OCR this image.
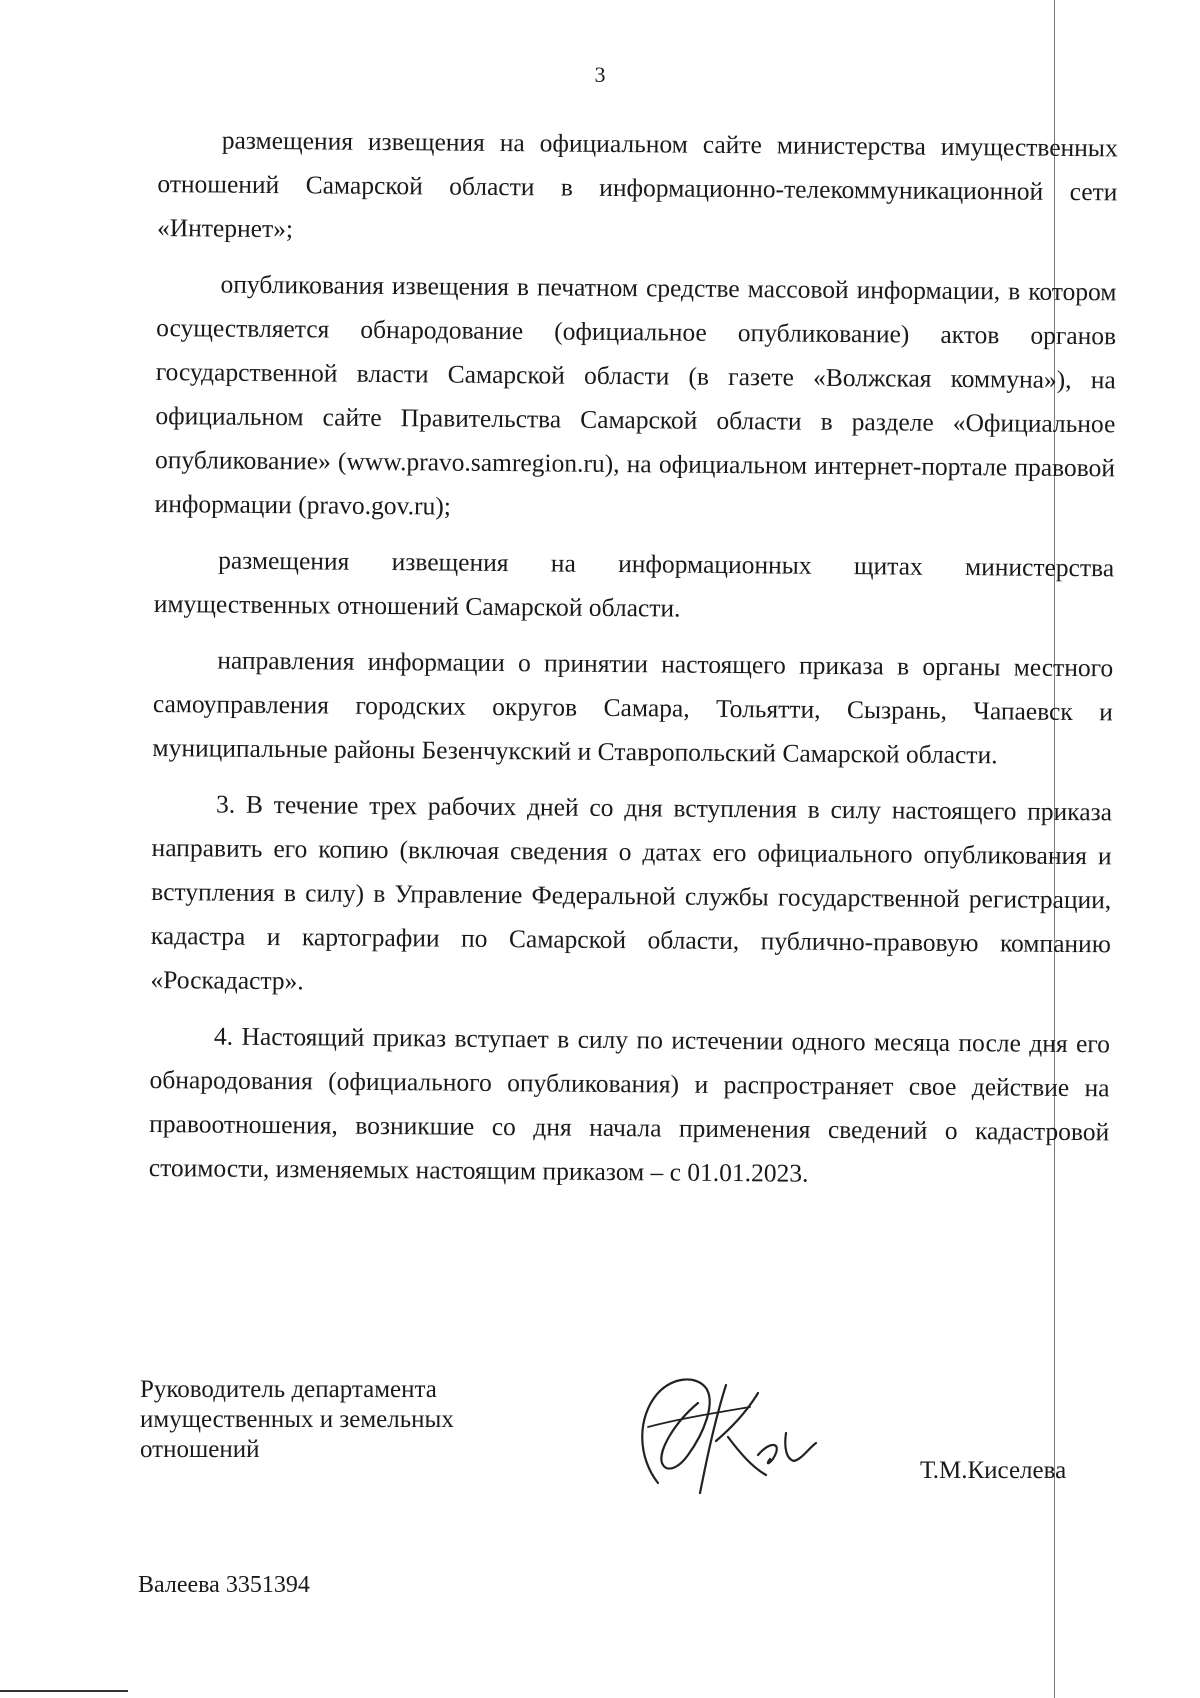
3

размещения извещения на официальном сайте министерства имущественных отношений Самарской области в информационно-телекоммуникационной сети «Интернет»;

опубликования извещения в печатном средстве массовой информации, в котором осуществляется обнародование (официальное опубликование) актов органов государственной власти Самарской области (в газете «Волжская коммуна»), на официальном сайте Правительства Самарской области в разделе «Официальное опубликование» (www.pravo.samregion.ru), на официальном интернет-портале правовой информации (pravo.gov.ru);

размещения извещения на информационных щитах министерства имущественных отношений Самарской области.

направления информации о принятии настоящего приказа в органы местного самоуправления городских округов Самара, Тольятти, Сызрань, Чапаевск и муниципальные районы Безенчукский и Ставропольский Самарской области.

3. В течение трех рабочих дней со дня вступления в силу настоящего приказа направить его копию (включая сведения о датах его официального опубликования и вступления в силу) в Управление Федеральной службы государственной регистрации, кадастра и картографии по Самарской области, публично-правовую компанию «Роскадастр».

4. Настоящий приказ вступает в силу по истечении одного месяца после дня его обнародования (официального опубликования) и распространяет свое действие на правоотношения, возникшие со дня начала применения сведений о кадастровой стоимости, изменяемых настоящим приказом – с 01.01.2023.

Руководитель департамента
имущественных и земельных
отношений
Т.М.Киселева
Валеева 3351394
